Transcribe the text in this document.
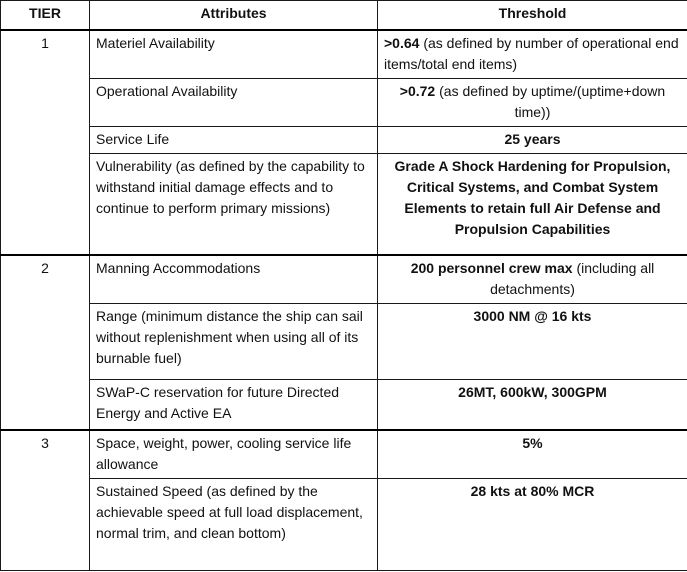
TIER	Attributes	Threshold
1	Materiel Availability	>0.64 (as defined by number of operational end items/total end items)
	Operational Availability	>0.72 (as defined by uptime/(uptime+down time))
	Service Life	25 years
	Vulnerability (as defined by the capability to withstand initial damage effects and to continue to perform primary missions)	Grade A Shock Hardening for Propulsion, Critical Systems, and Combat System Elements to retain full Air Defense and Propulsion Capabilities
2	Manning Accommodations	200 personnel crew max (including all detachments)
	Range (minimum distance the ship can sail without replenishment when using all of its burnable fuel)	3000 NM @ 16 kts
	SWaP-C reservation for future Directed Energy and Active EA	26MT, 600kW, 300GPM
3	Space, weight, power, cooling service life allowance	5%
	Sustained Speed (as defined by the achievable speed at full load displacement, normal trim, and clean bottom)	28 kts at 80% MCR
